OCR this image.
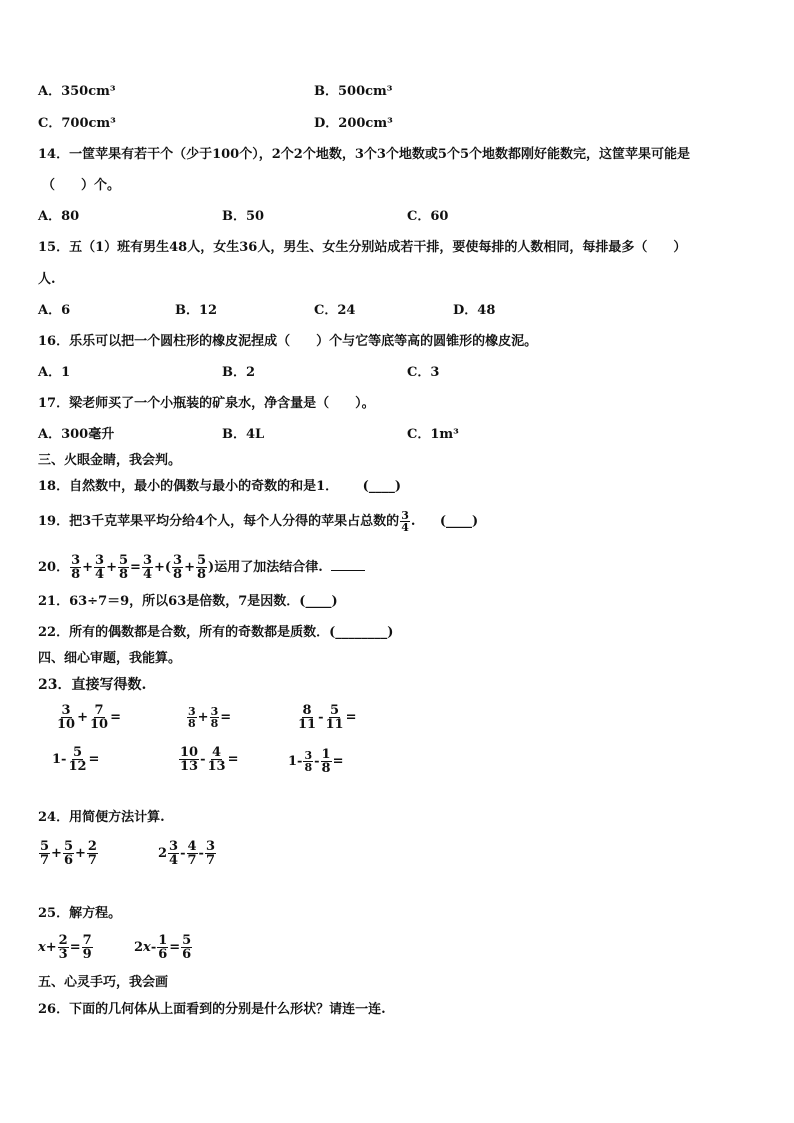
A．350cm³	B．500cm³
C．700cm³	D．200cm³
14．一筐苹果有若干个（少于100个），2个2个地数，3个3个地数或5个5个地数都刚好能数完，这筐苹果可能是
（　　）个。
A．80	B．50	C．60
15．五（1）班有男生48人，女生36人，男生、女生分别站成若干排，要使每排的人数相同，每排最多（　　）
人.
A．6	B．12	C．24	D．48
16．乐乐可以把一个圆柱形的橡皮泥捏成（　　）个与它等底等高的圆锥形的橡皮泥。
A．1	B．2	C．3
17．梁老师买了一个小瓶装的矿泉水，净含量是（　　）。
A．300毫升	B．4L	C．1m³
三、火眼金睛，我会判。
18．自然数中，最小的偶数与最小的奇数的和是1． (____)
19．把3千克苹果平均分给4个人，每个人分得的苹果占总数的 $\frac{3}{4}$ . (____)
20． $\frac{3}{8} + \frac{3}{4} + \frac{5}{8} = \frac{3}{4}$ +( $\frac{3}{8} + \frac{5}{8}$ )运用了加法结合律.
21．63÷7＝9，所以63是倍数，7是因数．(____)
22．所有的偶数都是合数，所有的奇数都是质数．(________)
四、细心审题，我能算。
23．直接写得数.
$\frac{3}{10} + \frac{7}{10}$ =	$\frac{3}{8} + \frac{3}{8}$ =	$\frac{8}{11} - \frac{5}{11}$ =
$1- \frac{5}{12}$ =	$\frac{10}{13} - \frac{4}{13}$ =	$1- \frac{3}{8} - \frac{1}{8}$ =
24．用简便方法计算.
$\frac{5}{7} + \frac{5}{6} + \frac{2}{7}$	$2 \frac{3}{4} - \frac{4}{7} - \frac{3}{7}$
25．解方程。
$x+ \frac{2}{3} = \frac{7}{9}$	$2x- \frac{1}{6} = \frac{5}{6}$
五、心灵手巧，我会画
26．下面的几何体从上面看到的分别是什么形状？请连一连.
